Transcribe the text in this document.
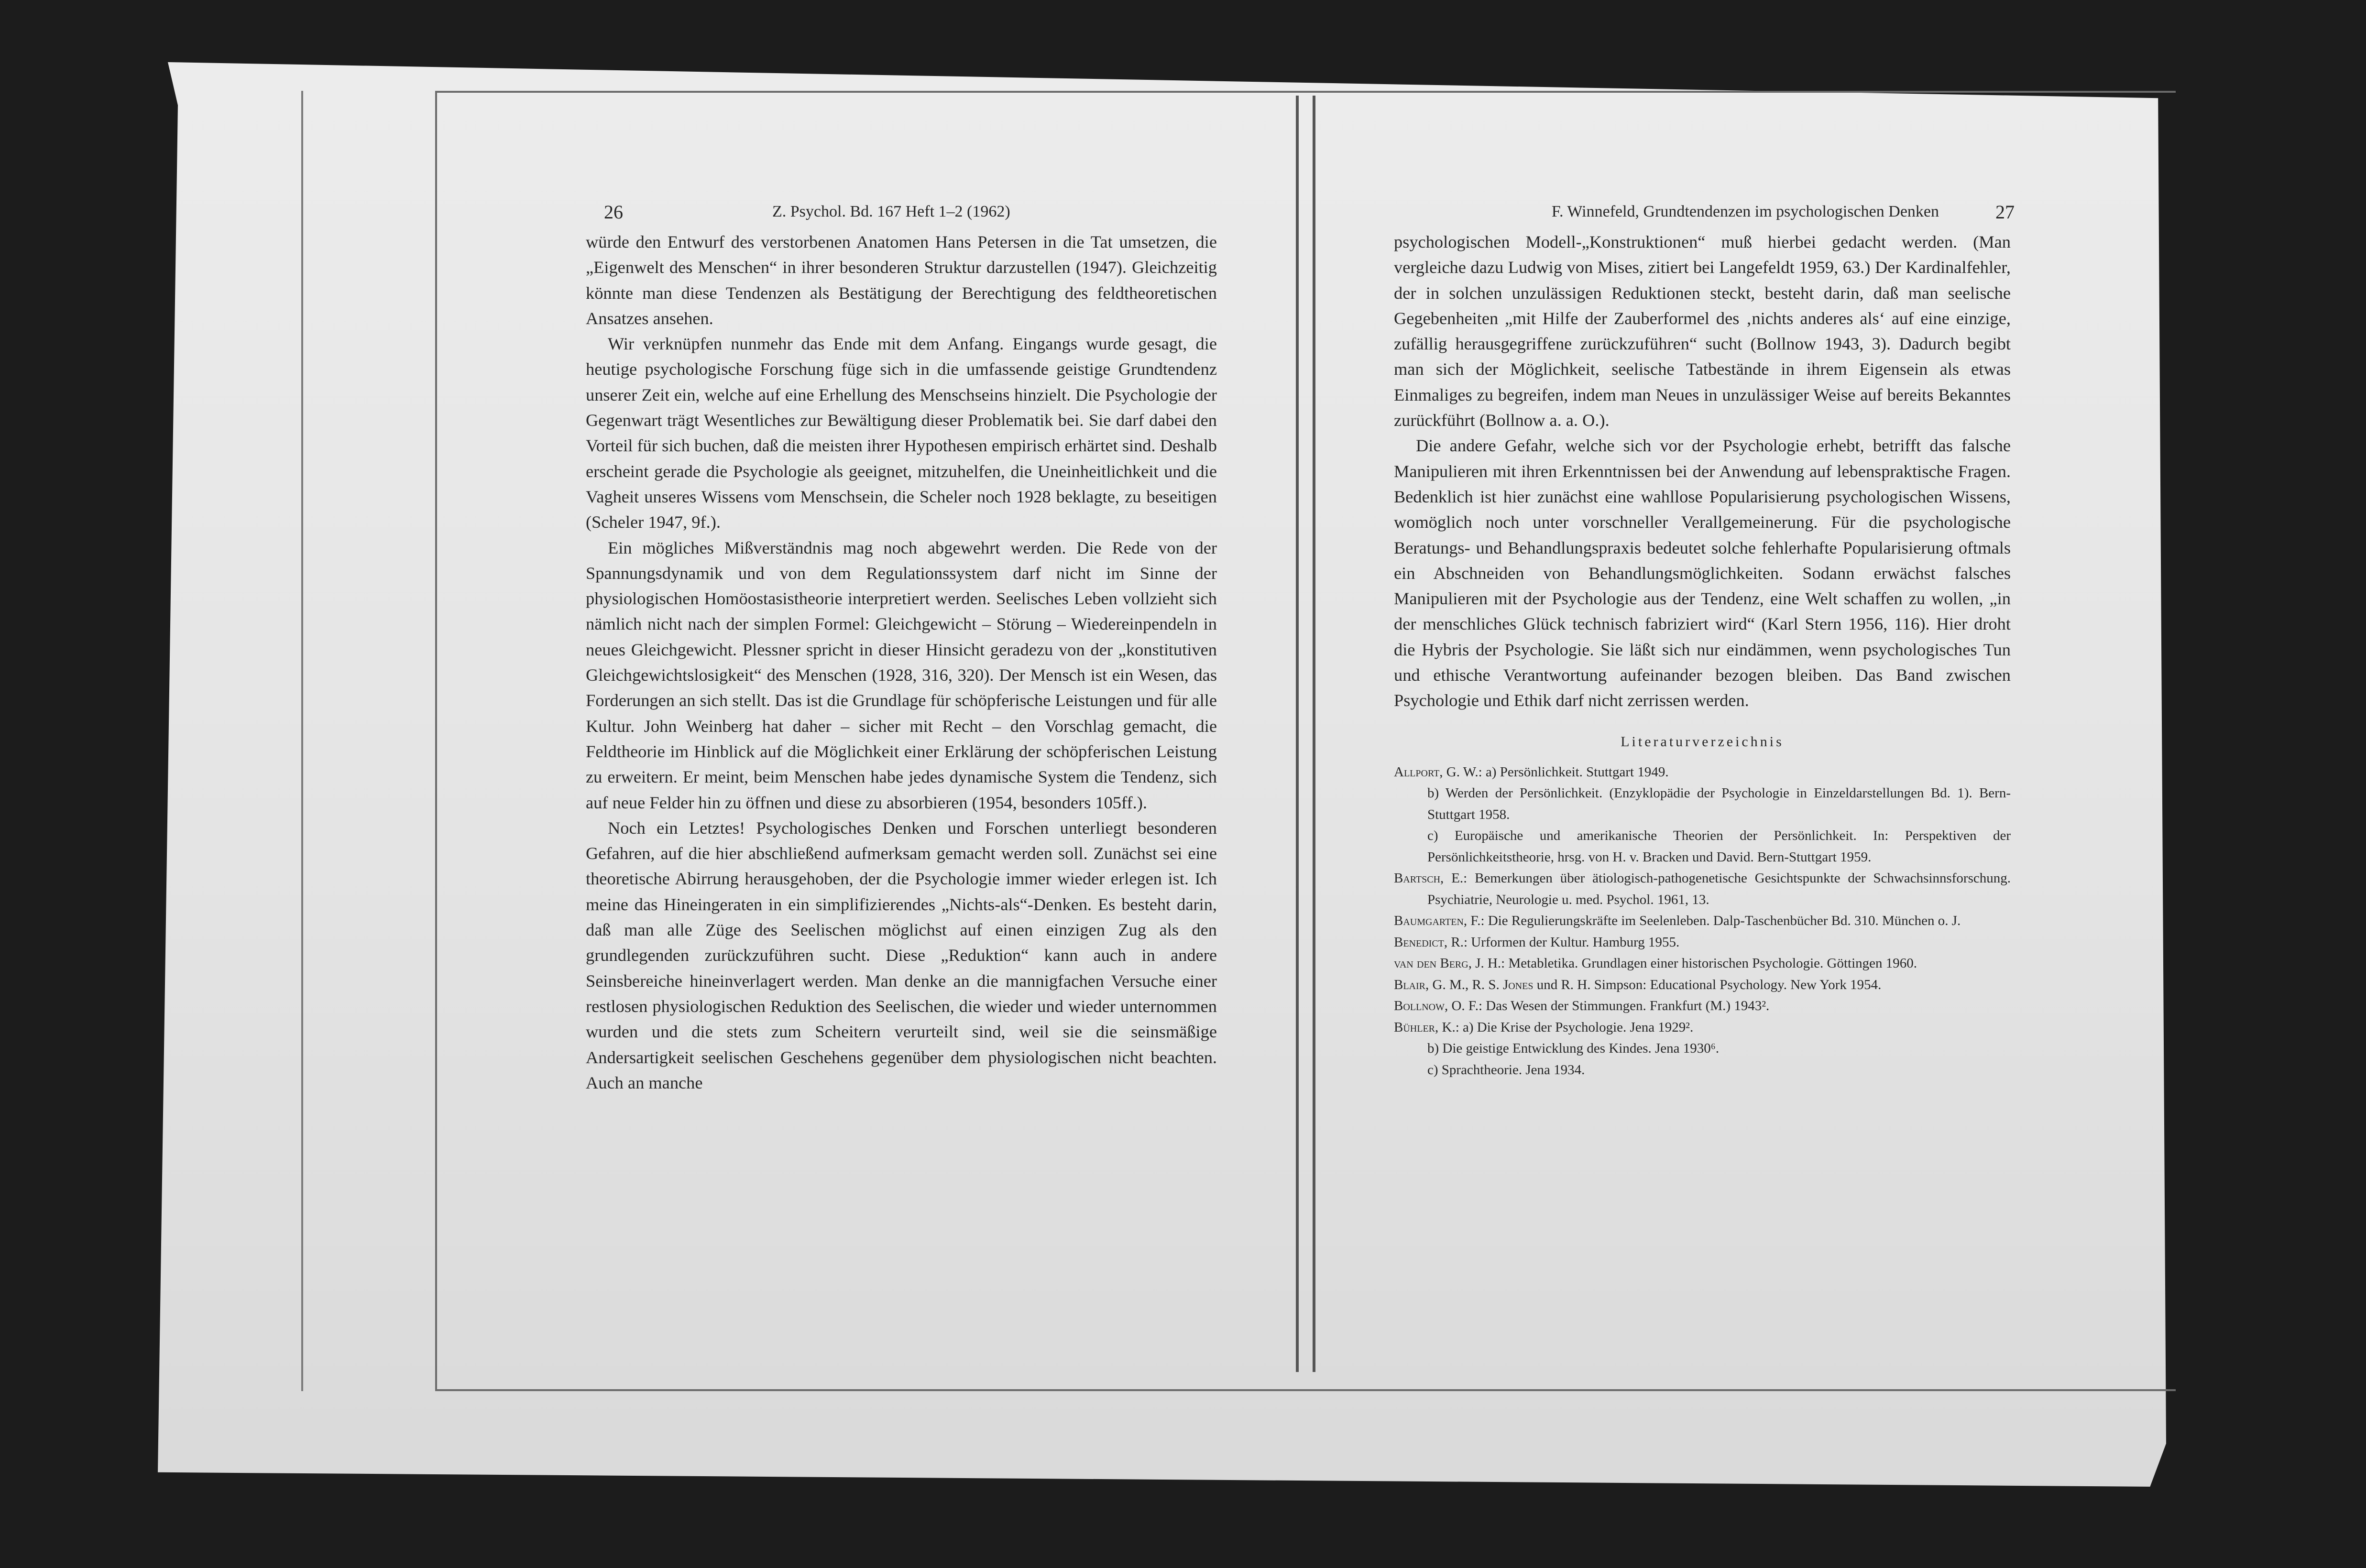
26	Z. Psychol. Bd. 167 Heft 1–2 (1962)

würde den Entwurf des verstorbenen Anatomen Hans Petersen in die Tat umsetzen, die „Eigenwelt des Menschen“ in ihrer besonderen Struktur darzustellen (1947). Gleichzeitig könnte man diese Tendenzen als Bestätigung der Berechtigung des feldtheoretischen Ansatzes ansehen.

Wir verknüpfen nunmehr das Ende mit dem Anfang. Eingangs wurde gesagt, die heutige psychologische Forschung füge sich in die umfassende geistige Grundtendenz unserer Zeit ein, welche auf eine Erhellung des Menschseins hinzielt. Die Psychologie der Gegenwart trägt Wesentliches zur Bewältigung dieser Problematik bei. Sie darf dabei den Vorteil für sich buchen, daß die meisten ihrer Hypothesen empirisch erhärtet sind. Deshalb erscheint gerade die Psychologie als geeignet, mitzuhelfen, die Uneinheitlichkeit und die Vagheit unseres Wissens vom Menschsein, die Scheler noch 1928 beklagte, zu beseitigen (Scheler 1947, 9f.).

Ein mögliches Mißverständnis mag noch abgewehrt werden. Die Rede von der Spannungsdynamik und von dem Regulationssystem darf nicht im Sinne der physiologischen Homöostasistheorie interpretiert werden. Seelisches Leben vollzieht sich nämlich nicht nach der simplen Formel: Gleichgewicht – Störung – Wiedereinpendeln in neues Gleichgewicht. Plessner spricht in dieser Hinsicht geradezu von der „konstitutiven Gleichgewichtslosigkeit“ des Menschen (1928, 316, 320). Der Mensch ist ein Wesen, das Forderungen an sich stellt. Das ist die Grundlage für schöpferische Leistungen und für alle Kultur. John Weinberg hat daher – sicher mit Recht – den Vorschlag gemacht, die Feldtheorie im Hinblick auf die Möglichkeit einer Erklärung der schöpferischen Leistung zu erweitern. Er meint, beim Menschen habe jedes dynamische System die Tendenz, sich auf neue Felder hin zu öffnen und diese zu absorbieren (1954, besonders 105ff.).

Noch ein Letztes! Psychologisches Denken und Forschen unterliegt besonderen Gefahren, auf die hier abschließend aufmerksam gemacht werden soll. Zunächst sei eine theoretische Abirrung herausgehoben, der die Psychologie immer wieder erlegen ist. Ich meine das Hineingeraten in ein simplifizierendes „Nichts-als“-Denken. Es besteht darin, daß man alle Züge des Seelischen möglichst auf einen einzigen Zug als den grundlegenden zurückzuführen sucht. Diese „Reduktion“ kann auch in andere Seinsbereiche hineinverlagert werden. Man denke an die mannigfachen Versuche einer restlosen physiologischen Reduktion des Seelischen, die wieder und wieder unternommen wurden und die stets zum Scheitern verurteilt sind, weil sie die seinsmäßige Andersartigkeit seelischen Geschehens gegenüber dem physiologischen nicht beachten. Auch an manche

F. Winnefeld, Grundtendenzen im psychologischen Denken	27

psychologischen Modell-„Konstruktionen“ muß hierbei gedacht werden. (Man vergleiche dazu Ludwig von Mises, zitiert bei Langefeldt 1959, 63.) Der Kardinalfehler, der in solchen unzulässigen Reduktionen steckt, besteht darin, daß man seelische Gegebenheiten „mit Hilfe der Zauberformel des ‚nichts anderes als‘ auf eine einzige, zufällig herausgegriffene zurückzuführen“ sucht (Bollnow 1943, 3). Dadurch begibt man sich der Möglichkeit, seelische Tatbestände in ihrem Eigensein als etwas Einmaliges zu begreifen, indem man Neues in unzulässiger Weise auf bereits Bekanntes zurückführt (Bollnow a. a. O.).

Die andere Gefahr, welche sich vor der Psychologie erhebt, betrifft das falsche Manipulieren mit ihren Erkenntnissen bei der Anwendung auf lebenspraktische Fragen. Bedenklich ist hier zunächst eine wahllose Popularisierung psychologischen Wissens, womöglich noch unter vorschneller Verallgemeinerung. Für die psychologische Beratungs- und Behandlungspraxis bedeutet solche fehlerhafte Popularisierung oftmals ein Abschneiden von Behandlungsmöglichkeiten. Sodann erwächst falsches Manipulieren mit der Psychologie aus der Tendenz, eine Welt schaffen zu wollen, „in der menschliches Glück technisch fabriziert wird“ (Karl Stern 1956, 116). Hier droht die Hybris der Psychologie. Sie läßt sich nur eindämmen, wenn psychologisches Tun und ethische Verantwortung aufeinander bezogen bleiben. Das Band zwischen Psychologie und Ethik darf nicht zerrissen werden.

Literaturverzeichnis
Allport, G. W.: a) Persönlichkeit. Stuttgart 1949.
b) Werden der Persönlichkeit. (Enzyklopädie der Psychologie in Einzeldarstellungen Bd. 1). Bern-Stuttgart 1958.
c) Europäische und amerikanische Theorien der Persönlichkeit. In: Perspektiven der Persönlichkeitstheorie, hrsg. von H. v. Bracken und David. Bern-Stuttgart 1959.
Bartsch, E.: Bemerkungen über ätiologisch-pathogenetische Gesichtspunkte der Schwachsinnsforschung. Psychiatrie, Neurologie u. med. Psychol. 1961, 13.
Baumgarten, F.: Die Regulierungskräfte im Seelenleben. Dalp-Taschenbücher Bd. 310. München o. J.
Benedict, R.: Urformen der Kultur. Hamburg 1955.
van den Berg, J. H.: Metabletika. Grundlagen einer historischen Psychologie. Göttingen 1960.
Blair, G. M., R. S. Jones und R. H. Simpson: Educational Psychology. New York 1954.
Bollnow, O. F.: Das Wesen der Stimmungen. Frankfurt (M.) 1943².
Bühler, K.: a) Die Krise der Psychologie. Jena 1929².
b) Die geistige Entwicklung des Kindes. Jena 1930⁶.
c) Sprachtheorie. Jena 1934.
